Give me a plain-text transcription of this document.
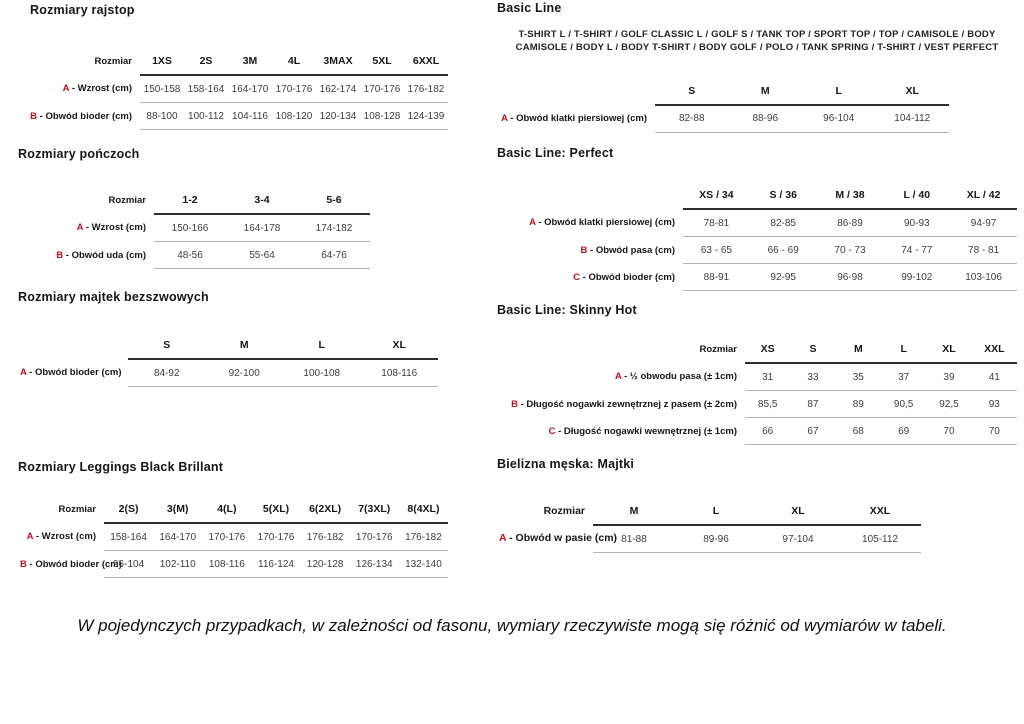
Rozmiary rajstop
Rozmiar	1XS	2S	3M	4L	3MAX	5XL	6XXL
A - Wzrost (cm)	150-158	158-164	164-170	170-176	162-174	170-176	176-182
B - Obwód bioder (cm)	88-100	100-112	104-116	108-120	120-134	108-128	124-139
Rozmiary pończoch
Rozmiar	1-2	3-4	5-6
A - Wzrost (cm)	150-166	164-178	174-182
B - Obwód uda (cm)	48-56	55-64	64-76
Rozmiary majtek bezszwowych
	S	M	L	XL
A - Obwód bioder (cm)	84-92	92-100	100-108	108-116
Rozmiary Leggings Black Brillant
Rozmiar	2(S)	3(M)	4(L)	5(XL)	6(2XL)	7(3XL)	8(4XL)
A - Wzrost (cm)	158-164	164-170	170-176	170-176	176-182	170-176	176-182
B - Obwód bioder (cm)	96-104	102-110	108-116	116-124	120-128	126-134	132-140
Basic Line

T-SHIRT L / T-SHIRT / GOLF CLASSIC L / GOLF S / TANK TOP / SPORT TOP / TOP / CAMISOLE / BODY CAMISOLE / BODY L / BODY T-SHIRT / BODY GOLF / POLO / TANK SPRING / T-SHIRT / VEST PERFECT

	S	M	L	XL
A - Obwód klatki piersiowej (cm)	82-88	88-96	96-104	104-112
Basic Line: Perfect
	XS / 34	S / 36	M / 38	L / 40	XL / 42
A - Obwód klatki piersiowej (cm)	78-81	82-85	86-89	90-93	94-97
B - Obwód pasa (cm)	63 - 65	66 - 69	70 - 73	74 - 77	78 - 81
C - Obwód bioder (cm)	88-91	92-95	96-98	99-102	103-106
Basic Line: Skinny Hot
Rozmiar	XS	S	M	L	XL	XXL
A - ½ obwodu pasa (± 1cm)	31	33	35	37	39	41
B - Długość nogawki zewnętrznej z pasem (± 2cm)	85,5	87	89	90,5	92,5	93
C - Długość nogawki wewnętrznej (± 1cm)	66	67	68	69	70	70
Bielizna męska: Majtki
Rozmiar	M	L	XL	XXL
A - Obwód w pasie (cm)	81-88	89-96	97-104	105-112
W pojedynczych przypadkach, w zależności od fasonu, wymiary rzeczywiste mogą się różnić od wymiarów w tabeli.
